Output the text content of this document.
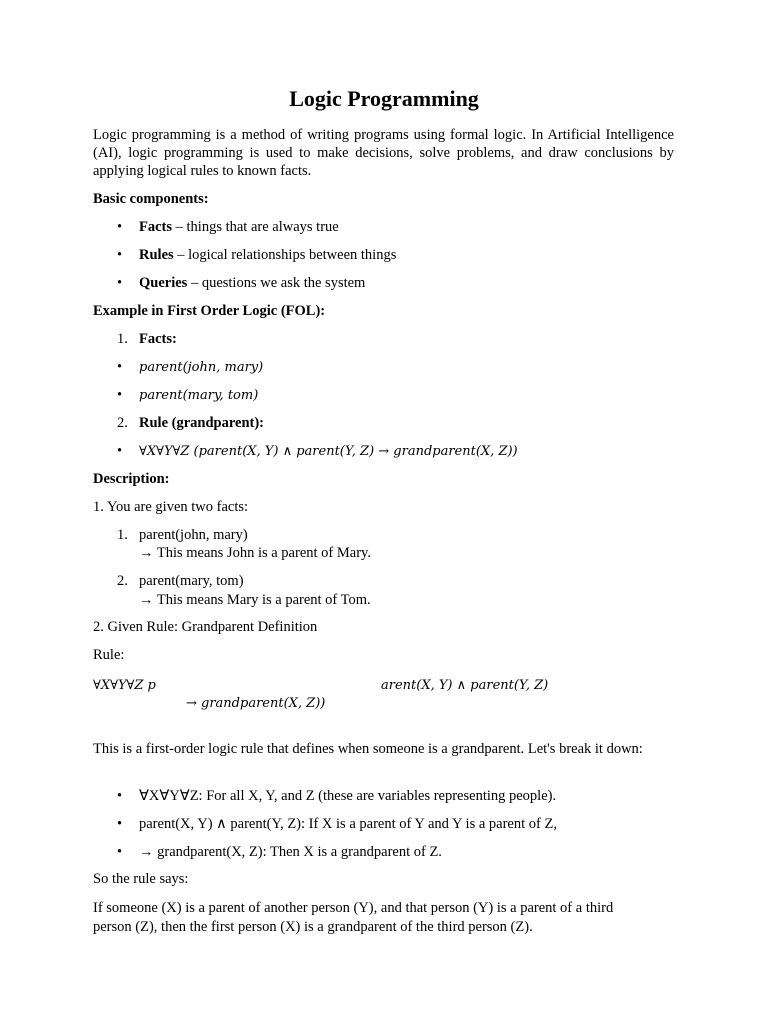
Logic Programming
Logic programming is a method of writing programs using formal logic. In Artificial Intelligence (AI), logic programming is used to make decisions, solve problems, and draw conclusions by applying logical rules to known facts.
Basic components:
• Facts – things that are always true
• Rules – logical relationships between things
• Queries – questions we ask the system
Example in First Order Logic (FOL):
1. Facts:
• parent(john, mary)
• parent(mary, tom)
2. Rule (grandparent):
• ∀X∀Y∀Z (parent(X, Y) ∧ parent(Y, Z) → grandparent(X, Z))
Description:
1. You are given two facts:
1. parent(john, mary)
→ This means John is a parent of Mary.
2. parent(mary, tom)
→ This means Mary is a parent of Tom.
2. Given Rule: Grandparent Definition
Rule:
∀X∀Y∀Z p	arent(X, Y) ∧ parent(Y, Z)
→ grandparent(X, Z))
This is a first-order logic rule that defines when someone is a grandparent. Let's break it down:
• ∀X∀Y∀Z: For all X, Y, and Z (these are variables representing people).
• parent(X, Y) ∧ parent(Y, Z): If X is a parent of Y and Y is a parent of Z,
• → grandparent(X, Z): Then X is a grandparent of Z.
So the rule says:
If someone (X) is a parent of another person (Y), and that person (Y) is a parent of a third person (Z), then the first person (X) is a grandparent of the third person (Z).
